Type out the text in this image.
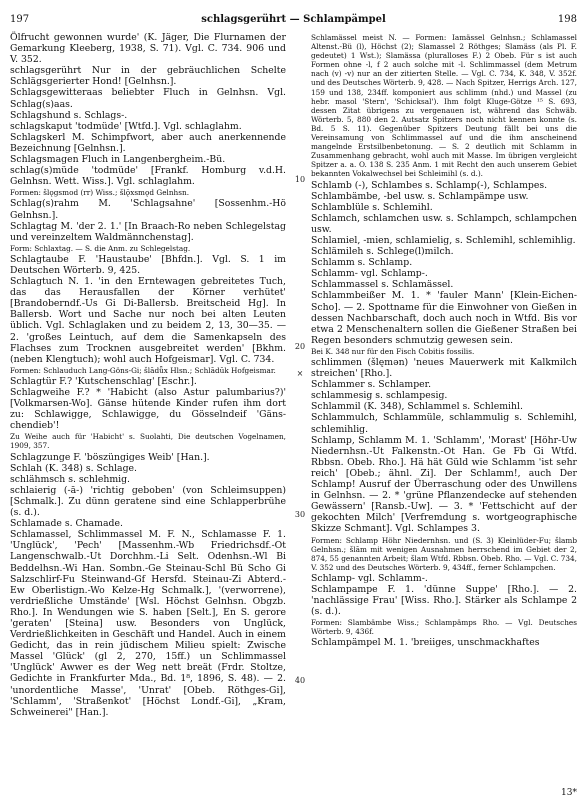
197	schlagsgerührt — Schlampämpel	198

Ölfrucht gewonnen wurde' (K. Jäger, Die Flurnamen der Gemarkung Kleeberg, 1938, S. 71). Vgl. C. 734. 906 und V. 352.

schlagsgerührt Nur in der gebräuchlichen Schelte Schlägsgerierter Hond! [Gelnhsn.].

Schlagsgewitteraas beliebter Fluch in Gelnhsn. Vgl. Schlag(s)aas.

Schlagshund s. Schlags-.

schlagskaput 'todmüde' [Wtfd.]. Vgl. schlaglahm.

Schlagskerl M. Schimpfwort, aber auch anerkennende Bezeichnung [Gelnhsn.].

Schlagsmagen Fluch in Langenbergheim.-Bü.

schlag(s)müde 'todmüde' [Frankf. Homburg v.d.H. Gelnhsn. Wett. Wiss.]. Vgl. schlaglahm.

Formen: šlǫgsmod (rr) Wiss.; šlǭxsmǫd Gelnhsn.

Schlag(s)rahm M. 'Schlagsahne' [Sossenhm.-Hö Gelnhsn.].

Schlagtag M. 'der 2. 1.' [In Braach-Ro neben Schlegelstag und vereinzeltem Waldmännchenstag].

Form: Schlaxtag. — S. die Anm. zu Schlegelstag.

Schlagtaube F. 'Haustaube' [Bhfdn.]. Vgl. S. 1 im Deutschen Wörterb. 9, 425.

Schlagtuch N. 1. 'in den Erntewagen gebreitetes Tuch, das das Herausfallen der Körner verhütet' [Brandoberndf.-Us Gi Di-Ballersb. Breitscheid Hg]. In Ballersb. Wort und Sache nur noch bei alten Leuten üblich. Vgl. Schlaglaken und zu beidem 2, 13, 30—35. — 2. 'großes Leintuch, auf dem die Samenkapseln des Flachses zum Trocknen ausgebreitet werden' [Bkhm. (neben Klengtuch); wohl auch Hofgeismar]. Vgl. C. 734.

Formen: Schlauduch Lang-Göns-Gi; šlādǖx Hlsn.; Schlādūk Hofgeismar.

Schlagtür F.? 'Kutschenschlag' [Eschr.].

Schlagweihe F.? * 'Habicht (also Astur palumbarius?)' [Volkmarsen-Wo]. Gänse hütende Kinder rufen ihm dort zu: Schlawigge, Schlawigge, du Gösselndeif 'Gäns-chendieb'!

Zu Weihe auch für 'Habicht' s. Suolahti, Die deutschen Vogelnamen, 1909, 357.

Schlagzunge F. 'böszüngiges Weib' [Han.].

Schlah (K. 348) s. Schlage.

schlähmsch s. schlehmig.

schlaierig (-ā-) 'richtig geboben' (von Schleimsuppen) [Schmalk.]. Zu dünn geratene sind eine Schlapperbrühe (s. d.).

Schlamade s. Chamade.

Schlamassel, Schlimmassel M. F. N., Schlamasse F. 1. 'Unglück', 'Pech' [Massenhm.-Wb Friedrichsdf.-Ot Langenschwalb.-Ut Dorchhm.-Li Selt. Odenhsn.-Wl Bi Beddelhsn.-Wi Han. Sombn.-Ge Steinau-Schl Bü Scho Gi Salzschlirf-Fu Steinwand-Gf Hersfd. Steinau-Zi Abterd.-Ew Oberlistign.-Wo Kelze-Hg Schmalk.], '(verworrene), verdrießliche Umstände' [Wsl. Höchst Gelnhsn. Obgzb. Rho.]. In Wendungen wie S. haben [Selt.], En S. gerore 'geraten' [Steina] usw. Besonders von Unglück, Verdrießlichkeiten in Geschäft und Handel. Auch in einem Gedicht, das in rein jüdischem Milieu spielt: Zwische Massel 'Glück' (gl 2, 270, 15ff.) un Schlimmassel 'Unglück' Awwer es der Weg nett breät (Frdr. Stoltze, Gedichte in Frankfurter Mda., Bd. 1⁸, 1896, S. 48). — 2. 'unordentliche Masse', 'Unrat' [Obeb. Röthges-Gi], 'Schlamm', 'Straßenkot' [Höchst Londf.-Gi], „Kram, Schweinerei" [Han.].

10
20
×
30
40

Schlamässel meist N. — Formen: Iamässel Gelnhsn.; Schlamassel Altenst.-Bü (l), Höchst (2); Slamassel 2 Röthges; Slamäss (als Pl. F. gedeutet) 1 Wst.); Slamässa (pluralloses F.) 2 Obeb. Für s ist auch Formen ohne -l, f 2 auch solche mit -l. Schlimmassel (dem Metrum nach (v) -v) nur an der zitierten Stelle. — Vgl. C. 734, K. 348, V. 352f. und des Deutsches Wörterb. 9, 428. — Nach Spitzer, Herrigs Arch. 127, 159 und 138, 234ff. komponiert aus schlimm (nhd.) und Massel (zu hebr. masol 'Stern', 'Schicksal'). Ihm folgt Kluge-Götze ¹⁵ S. 693, dessen Zitat übrigens zu vergenauen ist, während das Schwäb. Wörterb. 5, 880 den 2. Autsatz Spitzers noch nicht kennen konnte (s. Bd. 5 S. 11). Gegenüber Spitzers Deutung fällt bei uns die Vereinsamung von Schlimmassel auf und die ihm anscheinend mangelnde Erstsilbenbetonung. — S. 2 deutlich mit Schlamm in Zusammenhang gebracht, wohl auch mit Masse. Im übrigen vergleicht Spitzer a. a. O. 138 S. 235 Anm. 1 mit Recht den auch unserem Gebiet bekannten Vokalwechsel bei Schleimihl (s. d.).

Schlamb (-), Schlambes s. Schlamp(-), Schlampes.

Schlambämbe, -bel usw. s. Schlampämpe usw.

Schlamblüle s. Schlemihl.

Schlamch, schlamchen usw. s. Schlampch, schlampchen usw.

Schlamiel, -mien, schlamielig, s. Schlemihl, schlemihlig.

Schlämileh s. Schlege(l)milch.

Schlamm s. Schlamp.

Schlamm- vgl. Schlamp-.

Schlammassel s. Schlamässel.

Schlammbeißer M. 1. * 'fauler Mann' [Klein-Eichen-Scho]. — 2. Spottname für die Einwohner von Gießen in dessen Nachbarschaft, doch auch noch in Wtfd. Bis vor etwa 2 Menschenaltern sollen die Gießener Straßen bei Regen besonders schmutzig gewesen sein.

Bei K. 348 nur für den Fisch Cobitis fossilis.

schlimmen (šlęmən) 'neues Mauerwerk mit Kalkmilch streichen' [Rho.].

Schlammer s. Schlamper.

schlammesig s. schlampesig.

Schlammil (K. 348), Schlammel s. Schlemihl.

Schlammulch, Schlammüle, schlammulig s. Schlemihl, schlemihlig.

Schlamp, Schlamm M. 1. 'Schlamm', 'Morast' [Höhr-Uw Niedernhsn.-Ut Falkenstn.-Ot Han. Ge Fb Gi Wtfd. Rbbsn. Obeb. Rho.]. Hä hät Güld wie Schlamm 'ist sehr reich' [Obeb.; ähnl. Zi]. Der Schlamm!, auch Der Schlamp! Ausruf der Überraschung oder des Unwillens in Gelnhsn. — 2. * 'grüne Pflanzendecke auf stehenden Gewässern' [Ransb.-Uw]. — 3. * 'Fettschicht auf der gekochten Milch' [Verfremdung s. wortgeographische Skizze Schmant]. Vgl. Schlampes 3.

Formen: Schlamp Höhr Niedernhsn. und (S. 3) Kleinlüder-Fu; šlamb Gelnhsn.; šlām mit wenigen Ausnahmen herrschend im Gebiet der 2, 874, 55 genannten Arbeit; šlam Wtfd. Rbbsn. Obeb. Rho. — Vgl. C. 734, V. 352 und des Deutsches Wörterb. 9, 434ff., ferner Schlampchen.

Schlamp- vgl. Schlamm-.

Schlampampe F. 1. 'dünne Suppe' [Rho.]. — 2. 'nachlässige Frau' [Wiss. Rho.]. Stärker als Schlampe 2 (s. d.).

Formen: Slambämbe Wiss.; Schlampämps Rho. — Vgl. Deutsches Wörterb. 9, 436f.

Schlampämpel M. 1. 'breiiges, unschmackhaftes

13*
